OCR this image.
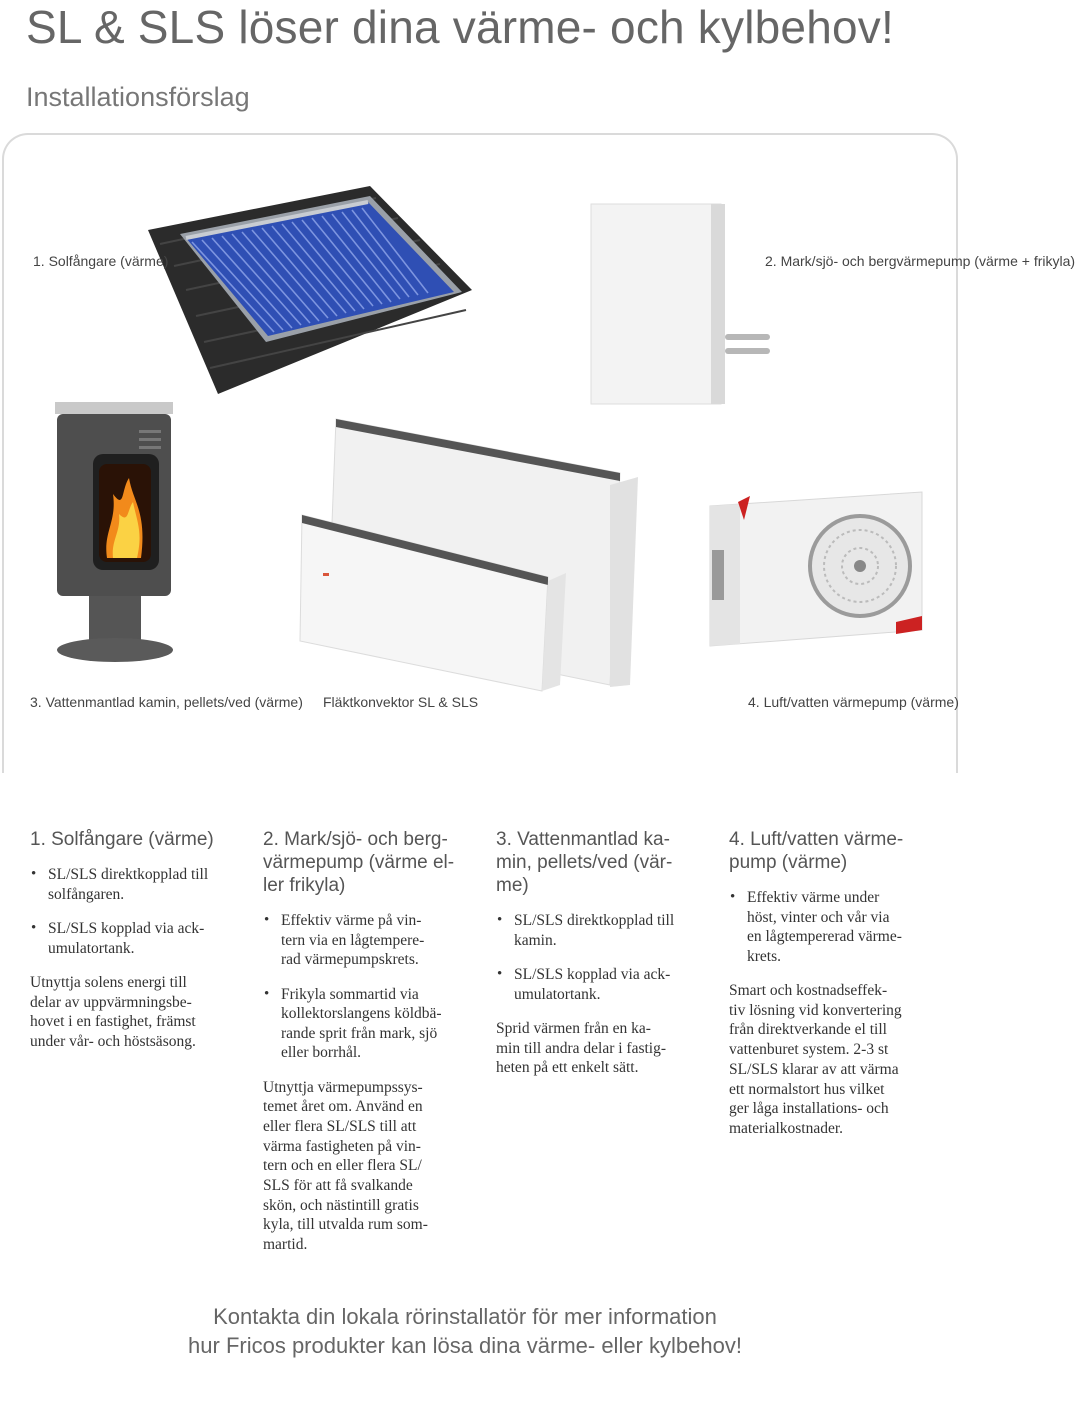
SL & SLS löser dina värme- och kylbehov!
Installationsförslag
1. Solfångare (värme)	2. Mark/sjö- och bergvärmepump (värme + frikyla)
3. Vattenmantlad kamin, pellets/ved (värme) Fläktkonvektor SL & SLS	4. Luft/vatten värmepump (värme)
1. Solfångare (värme)
• SL/SLS direktkopplad till
solfångaren.
• SL/SLS kopplad via ack-
umulatortank.

Utnyttja solens energi till
delar av uppvärmningsbe-
hovet i en fastighet, främst
under vår- och höstsäsong.

2. Mark/sjö- och berg-
värmepump (värme el-
ler frikyla)
• Effektiv värme på vin-
tern via en lågtempere-
rad värmepumpskrets.
• Frikyla sommartid via
kollektorslangens köldbä-
rande sprit från mark, sjö
eller borrhål.

Utnyttja värmepumpssys-
temet året om. Använd en
eller flera SL/SLS till att
värma fastigheten på vin-
tern och en eller flera SL/
SLS för att få svalkande
skön, och nästintill gratis
kyla, till utvalda rum som-
martid.

3. Vattenmantlad ka-
min, pellets/ved (vär-
me)
• SL/SLS direktkopplad till
kamin.
• SL/SLS kopplad via ack-
umulatortank.

Sprid värmen från en ka-
min till andra delar i fastig-
heten på ett enkelt sätt.

4. Luft/vatten värme-
pump (värme)
• Effektiv värme under
höst, vinter och vår via
en lågtempererad värme-
krets.

Smart och kostnadseffek-
tiv lösning vid konvertering
från direktverkande el till
vattenburet system. 2-3 st
SL/SLS klarar av att värma
ett normalstort hus vilket
ger låga installations- och
materialkostnader.

Kontakta din lokala rörinstallatör för mer information
hur Fricos produkter kan lösa dina värme- eller kylbehov!
